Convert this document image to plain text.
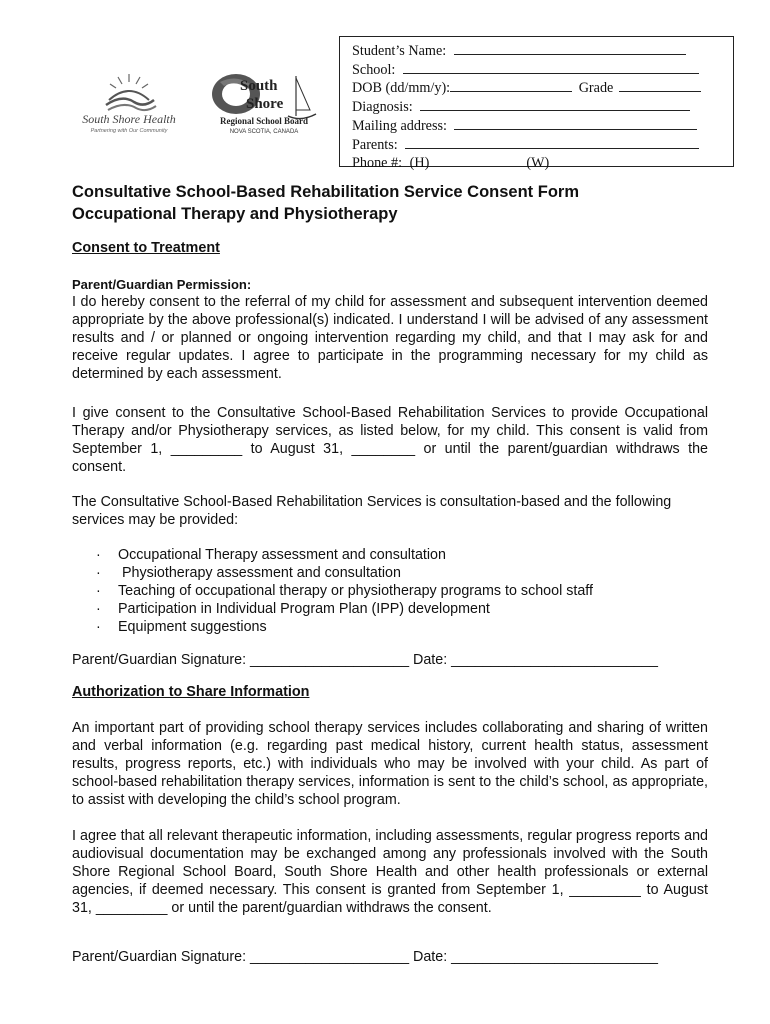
South Shore Health
Partnering with Our Community
South
Shore
Regional School Board
NOVA SCOTIA, CANADA
Student’s Name:
School:
DOB (dd/mm/y):	Grade
Diagnosis:
Mailing address:
Parents:
Phone #: (H)	(W)
Consultative School-Based Rehabilitation Service Consent Form
Occupational Therapy and Physiotherapy
Consent to Treatment
Parent/Guardian Permission:
I do hereby consent to the referral of my child for assessment and subsequent intervention deemed appropriate by the above professional(s) indicated. I understand I will be advised of any assessment results and / or planned or ongoing intervention regarding my child, and that I may ask for and receive regular updates. I agree to participate in the programming necessary for my child as determined by each assessment.
I give consent to the Consultative School-Based Rehabilitation Services to provide Occupational Therapy and/or Physiotherapy services, as listed below, for my child. This consent is valid from September 1, _________ to August 31, ________ or until the parent/guardian withdraws the consent.
The Consultative School-Based Rehabilitation Services is consultation-based and the following services may be provided:
· Occupational Therapy assessment and consultation
· Physiotherapy assessment and consultation
· Teaching of occupational therapy or physiotherapy programs to school staff
· Participation in Individual Program Plan (IPP) development
· Equipment suggestions
Parent/Guardian Signature: ____________________ Date: __________________________
Authorization to Share Information
An important part of providing school therapy services includes collaborating and sharing of written and verbal information (e.g. regarding past medical history, current health status, assessment results, progress reports, etc.) with individuals who may be involved with your child. As part of school-based rehabilitation therapy services, information is sent to the child’s school, as appropriate, to assist with developing the child’s school program.
I agree that all relevant therapeutic information, including assessments, regular progress reports and audiovisual documentation may be exchanged among any professionals involved with the South Shore Regional School Board, South Shore Health and other health professionals or external agencies, if deemed necessary. This consent is granted from September 1, _________ to August 31, _________ or until the parent/guardian withdraws the consent.
Parent/Guardian Signature: ____________________ Date: __________________________
